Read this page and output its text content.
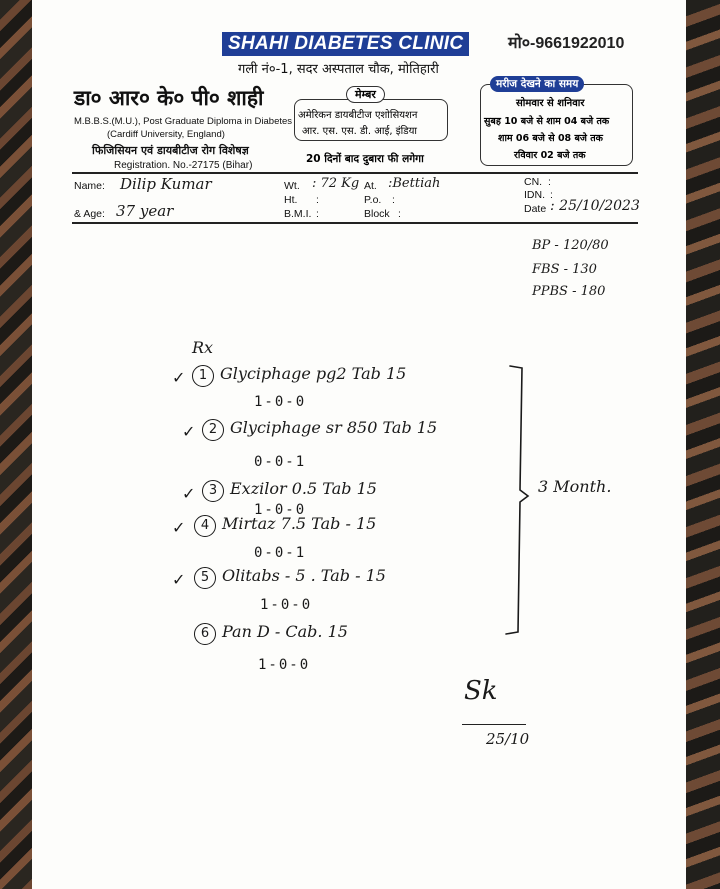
SHAHI DIABETES CLINIC	मो०-9661922010
गली नं०-1, सदर अस्पताल चौक, मोतिहारी
डा० आर० के० पी० शाही
M.B.B.S.(M.U.), Post Graduate Diploma in Diabetes
(Cardiff University, England)
फिजिसियन एवं डायबीटीज रोग विशेषज्ञ
Registration. No.-27175 (Bihar)
मेम्बर
अमेरिकन डायबीटीज एशोसियशन
आर. एस. एस. डी. आई, इंडिया
20 दिनों बाद दुबारा फी लगेगा
मरीज देखने का समय
सोमवार से शनिवार
सुबह 10 बजे से शाम 04 बजे तक
शाम 06 बजे से 08 बजे तक
रविवार 02 बजे तक
Name: Dilip Kumar
& Age: 37 year
Wt. : 72 Kg
Ht. :
B.M.I. :
At. :Bettiah
P.o. :
Block :
CN. :
IDN. :
Date : 25/10/2023
BP - 120/80
FBS - 130
PPBS - 180
Rx
✓	1 Glyciphage pg2 Tab 15
1-0-0
✓	2 Glyciphage sr 850 Tab 15
0-0-1
✓	3 Exzilor 0.5 Tab 15
1-0-0
✓	4 Mirtaz 7.5 Tab - 15
0-0-1
✓	5 Olitabs - 5 . Tab - 15
1-0-0
6 Pan D - Cab. 15
1-0-0
3 Month.
Sk
25/10
